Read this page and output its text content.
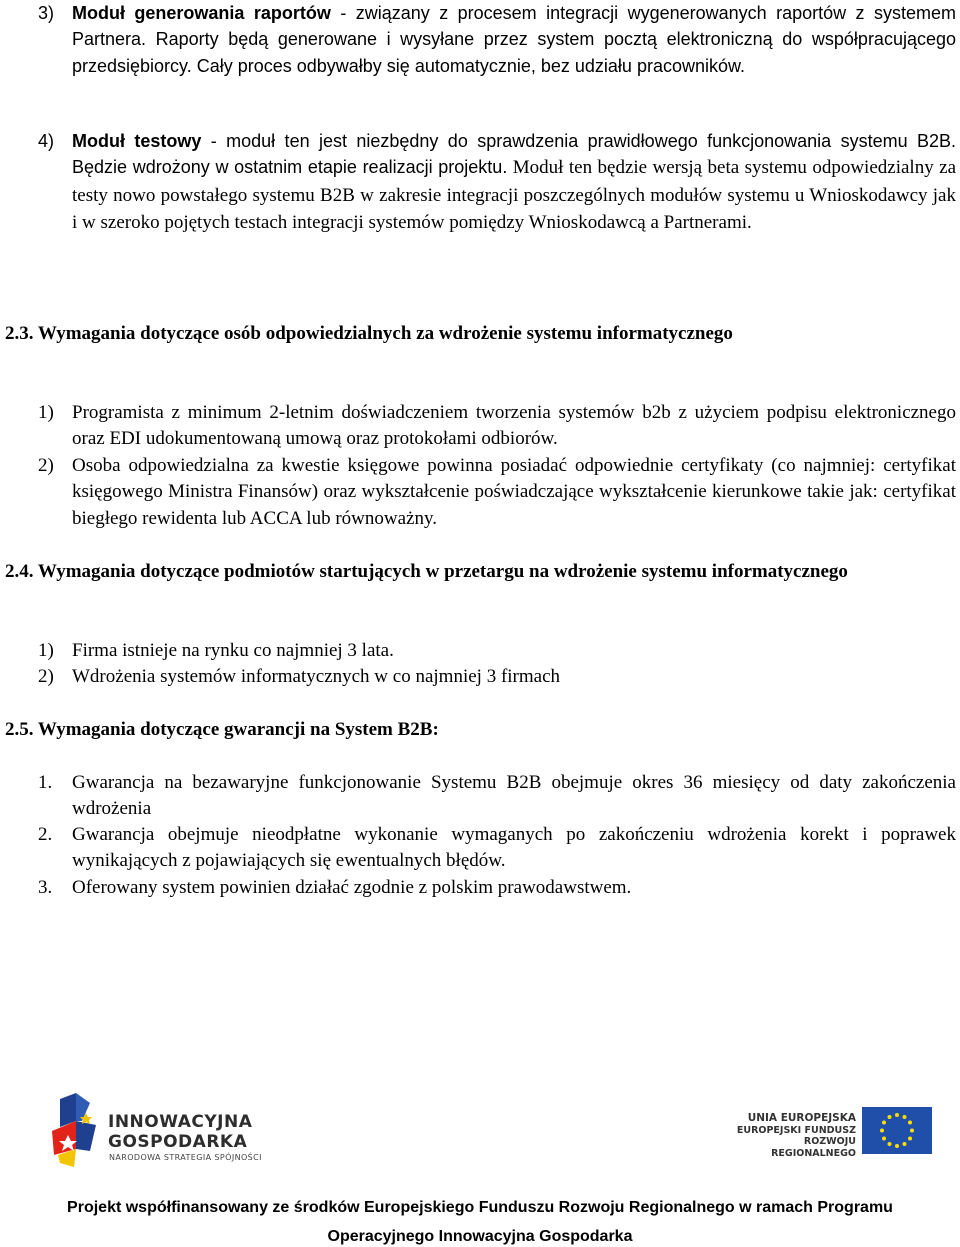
3) Moduł generowania raportów - związany z procesem integracji wygenerowanych raportów z systemem Partnera. Raporty będą generowane i wysyłane przez system pocztą elektroniczną do współpracującego przedsiębiorcy. Cały proces odbywałby się automatycznie, bez udziału pracowników.
4) Moduł testowy - moduł ten jest niezbędny do sprawdzenia prawidłowego funkcjonowania systemu B2B. Będzie wdrożony w ostatnim etapie realizacji projektu. Moduł ten będzie wersją beta systemu odpowiedzialny za testy nowo powstałego systemu B2B w zakresie integracji poszczególnych modułów systemu u Wnioskodawcy jak i w szeroko pojętych testach integracji systemów pomiędzy Wnioskodawcą a Partnerami.
2.3. Wymagania dotyczące osób odpowiedzialnych za wdrożenie systemu informatycznego
1) Programista z minimum 2-letnim doświadczeniem tworzenia systemów b2b z użyciem podpisu elektronicznego oraz EDI udokumentowaną umową oraz protokołami odbiorów.
2) Osoba odpowiedzialna za kwestie księgowe powinna posiadać odpowiednie certyfikaty (co najmniej: certyfikat księgowego Ministra Finansów) oraz wykształcenie poświadczające wykształcenie kierunkowe takie jak: certyfikat biegłego rewidenta lub ACCA lub równoważny.
2.4. Wymagania dotyczące podmiotów startujących w przetargu na wdrożenie systemu informatycznego
1) Firma istnieje na rynku co najmniej 3 lata.
2) Wdrożenia systemów informatycznych w co najmniej 3 firmach
2.5. Wymagania dotyczące gwarancji na System B2B:
1. Gwarancja na bezawaryjne funkcjonowanie Systemu B2B obejmuje okres 36 miesięcy od daty zakończenia wdrożenia
2. Gwarancja obejmuje nieodpłatne wykonanie wymaganych po zakończeniu wdrożenia korekt i poprawek wynikających z pojawiających się ewentualnych błędów.
3. Oferowany system powinien działać zgodnie z polskim prawodawstwem.
INNOWACYJNA
GOSPODARKA
NARODOWA STRATEGIA SPÓJNOŚCI
UNIA EUROPEJSKA
EUROPEJSKI FUNDUSZ
ROZWOJU REGIONALNEGO
Projekt współfinansowany ze środków Europejskiego Funduszu Rozwoju Regionalnego w ramach Programu
Operacyjnego Innowacyjna Gospodarka
